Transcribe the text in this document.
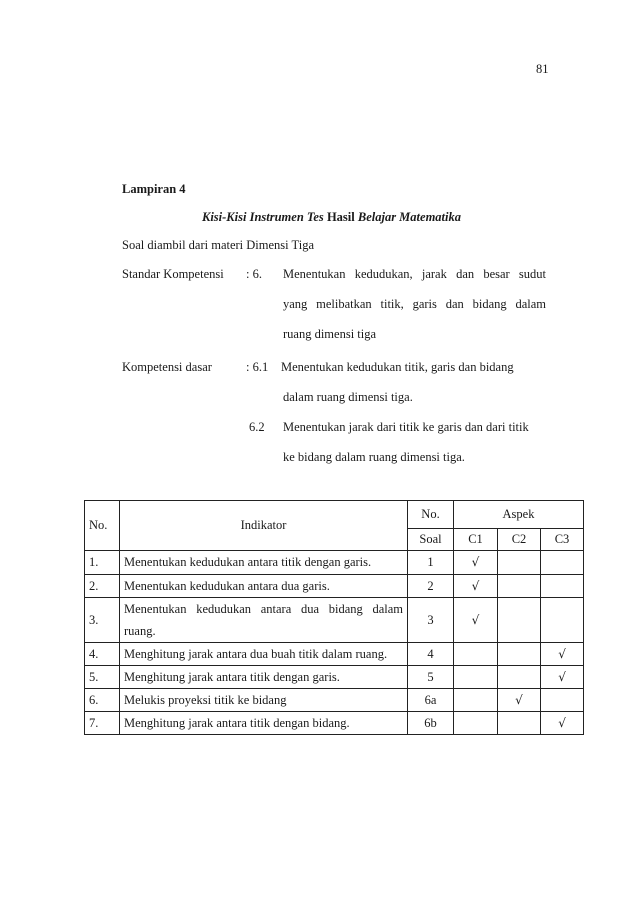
81
Lampiran 4
Kisi-Kisi Instrumen Tes Hasil Belajar Matematika
Soal diambil dari materi Dimensi Tiga
Standar Kompetensi : 6. Menentukan kedudukan, jarak dan besar sudut
yang melibatkan titik, garis dan bidang dalam
ruang dimensi tiga
Kompetensi dasar	: 6.1 Menentukan kedudukan titik, garis dan bidang
dalam ruang dimensi tiga.
6.2 Menentukan jarak dari titik ke garis dan dari titik
ke bidang dalam ruang dimensi tiga.
No.	Indikator	No.	Aspek		
		Soal	C1	C2	C3
1.	Menentukan kedudukan antara titik dengan garis.	1	√		
2.	Menentukan kedudukan antara dua garis.	2	√		
3.	Menentukan kedudukan antara dua bidang dalam
ruang.	3	√		
4.	Menghitung jarak antara dua buah titik dalam ruang.	4			√
5.	Menghitung jarak antara titik dengan garis.	5			√
6.	Melukis proyeksi titik ke bidang	6a		√	
7.	Menghitung jarak antara titik dengan bidang.	6b			√
